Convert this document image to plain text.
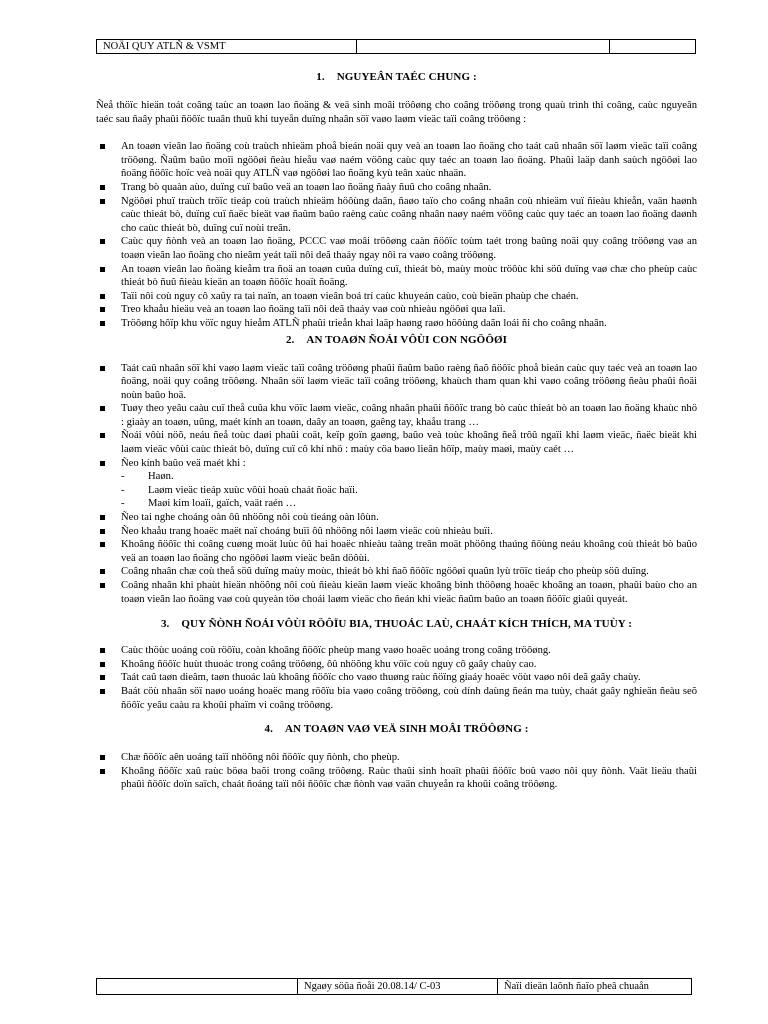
NOÄI QUY ATLÑ & VSMT
1. NGUYEÂN TAÉC CHUNG :

Ñeå thöïc hieän toát coâng taùc an toaøn lao ñoäng & veä sinh moâi tröôøng cho coâng tröôøng trong quaù trình thi coâng, caùc nguyeân taéc sau ñaây phaûi ñöôïc tuaân thuû khi tuyeån duïng nhaân söï vaøo laøm vieäc taïi coâng tröôøng :

An toaøn vieân lao ñoäng coù traùch nhieäm phoå bieán noäi quy veà an toaøn lao ñoäng cho taát caû nhaân söï laøm vieäc taïi coâng tröôøng. Ñaûm baûo moïi ngöôøi ñeàu hieåu vaø naém vöõng caùc quy taéc an toaøn lao ñoäng. Phaûi laäp danh saùch ngöôøi lao ñoäng ñöôïc hoïc veà noäi quy ATLÑ vaø ngöôøi lao ñoäng kyù teân xaùc nhaän.
Trang bò quaàn aùo, duïng cuï baûo veä an toaøn lao ñoäng ñaày ñuû cho coâng nhaân.
Ngöôøi phuï traùch tröïc tieáp coù traùch nhieäm höôùng daãn, ñaøo taïo cho coâng nhaân coù nhieäm vuï ñieàu khieån, vaän haønh caùc thieát bò, duïng cuï ñaëc bieät vaø ñaûm baûo raèng caùc coâng nhaân naøy naém vöõng caùc quy taéc an toaøn lao ñoäng daønh cho caùc thieát bò, duïng cuï noùi treân.
Caùc quy ñònh veà an toaøn lao ñoäng, PCCC vaø moâi tröôøng caàn ñöôïc toùm taét trong baûng noäi quy coâng tröôøng vaø an toaøn vieân lao ñoäng cho nieâm yeát taïi nôi deã thaáy ngay nôi ra vaøo coâng tröôøng.
An toaøn vieân lao ñoäng kieåm tra ñoä an toaøn cuûa duïng cuï, thieát bò, maùy moùc tröôùc khi söû duïng vaø chæ cho pheùp caùc thieát bò ñuû ñieàu kieän an toaøn ñöôïc hoaït ñoäng.
Taïi nôi coù nguy cô xaûy ra tai naïn, an toaøn vieân boá trí caùc khuyeán caùo, coù bieän phaùp che chaén.
Treo khaåu hieäu veà an toaøn lao ñoäng taïi nôi deã thaáy vaø coù nhieàu ngöôøi qua laïi.
Tröôøng hôïp khu vöïc nguy hieåm ATLÑ phaûi trieån khai laäp haøng raøo höôùng daãn loái ñi cho coâng nhaân.
2. AN TOAØN ÑOÁI VÔÙI CON NGÖÔØI
Taát caû nhaân söï khi vaøo laøm vieäc taïi coâng tröôøng phaûi ñaûm baûo raèng ñaõ ñöôïc phoå bieán caùc quy taéc veà an toaøn lao ñoäng, noäi quy coâng tröôøng. Nhaân söï laøm vieäc taïi coâng tröôøng, khaùch tham quan khi vaøo coâng tröôøng ñeàu phaûi ñoäi noùn baûo hoä.
Tuøy theo yeâu caàu cuï theå cuûa khu vöïc laøm vieäc, coâng nhaân phaûi ñöôïc trang bò caùc thieát bò an toaøn lao ñoäng khaùc nhö : giaày an toaøn, uûng, maét kính an toaøn, daây an toaøn, gaêng tay, khaåu trang …
Ñoái vôùi nöõ, neáu ñeå toùc daøi phaûi coät, keïp goïn gaøng, baûo veà toùc khoâng ñeå trôû ngaïi khi laøm vieäc, ñaëc bieät khi laøm vieäc vôùi caùc thieát bò, duïng cuï cô khí nhö : maùy cöa baøo lieân hôïp, maùy maøi, maùy caét …
Ñeo kính baûo veä maét khi :
- Haøn.
- Laøm vieäc tieáp xuùc vôùi hoaù chaát ñoäc haïi.
- Maøi kim loaïi, gaïch, vaät raén …
Ñeo tai nghe choáng oàn ôû nhöõng nôi coù tieáng oàn lôùn.
Ñeo khaåu trang hoaëc maët naï choáng buïi ôû nhöõng nôi laøm vieäc coù nhieàu buïi.
Khoâng ñöôïc thi coâng cuøng moät luùc ôû hai hoaëc nhieàu taàng treân moät phöông thaúng ñöùng neáu khoâng coù thieát bò baûo veä an toaøn lao ñoäng cho ngöôøi laøm vieäc beân döôùi.
Coâng nhaân chæ coù theå söû duïng maùy moùc, thieát bò khi ñaõ ñöôïc ngöôøi quaûn lyù tröïc tieáp cho pheùp söû duïng.
Coâng nhaân khi phaùt hieän nhöõng nôi coù ñieàu kieän laøm vieäc khoâng bình thöôøng hoaëc khoâng an toaøn, phaûi baùo cho an toaøn vieân lao ñoäng vaø coù quyeàn töø choái laøm vieäc cho ñeán khi vieäc ñaûm baûo an toaøn ñöôïc giaûi quyeát.
3. QUY ÑÒNH ÑOÁI VÔÙI RÖÔÏU BIA, THUOÁC LAÙ, CHAÁT KÍCH THÍCH, MA TUÙY :
Caùc thöùc uoáng coù röôïu, coàn khoâng ñöôïc pheùp mang vaøo hoaëc uoáng trong coâng tröôøng.
Khoâng ñöôïc huùt thuoác trong coâng tröôøng, ôû nhöõng khu vöïc coù nguy cô gaây chaùy cao.
Taát caû taøn dieâm, taøn thuoác laù khoâng ñöôïc cho vaøo thuøng raùc ñöïng giaáy hoaëc vöùt vaøo nôi deã gaây chaùy.
Baát cöù nhaân söï naøo uoáng hoaëc mang röôïu bia vaøo coâng tröôøng, coù dính daùng ñeán ma tuùy, chaát gaây nghieän ñeàu seõ ñöôïc yeâu caàu ra khoûi phaïm vi coâng tröôøng.
4. AN TOAØN VAØ VEÄ SINH MOÂI TRÖÔØNG :
Chæ ñöôïc aên uoáng taïi nhöõng nôi ñöôïc quy ñònh, cho pheùp.
Khoâng ñöôïc xaû raùc böøa baõi trong coâng tröôøng. Raùc thaûi sinh hoaït phaûi ñöôïc boû vaøo nôi quy ñònh. Vaät lieäu thaûi phaûi ñöôïc doïn saïch, chaát ñoáng taïi nôi ñöôïc chæ ñònh vaø vaän chuyeån ra khoûi coâng tröôøng.
Ngaøy söûa ñoåi 20.08.14/ C-03	Ñaïi dieän laõnh ñaïo pheâ chuaån
